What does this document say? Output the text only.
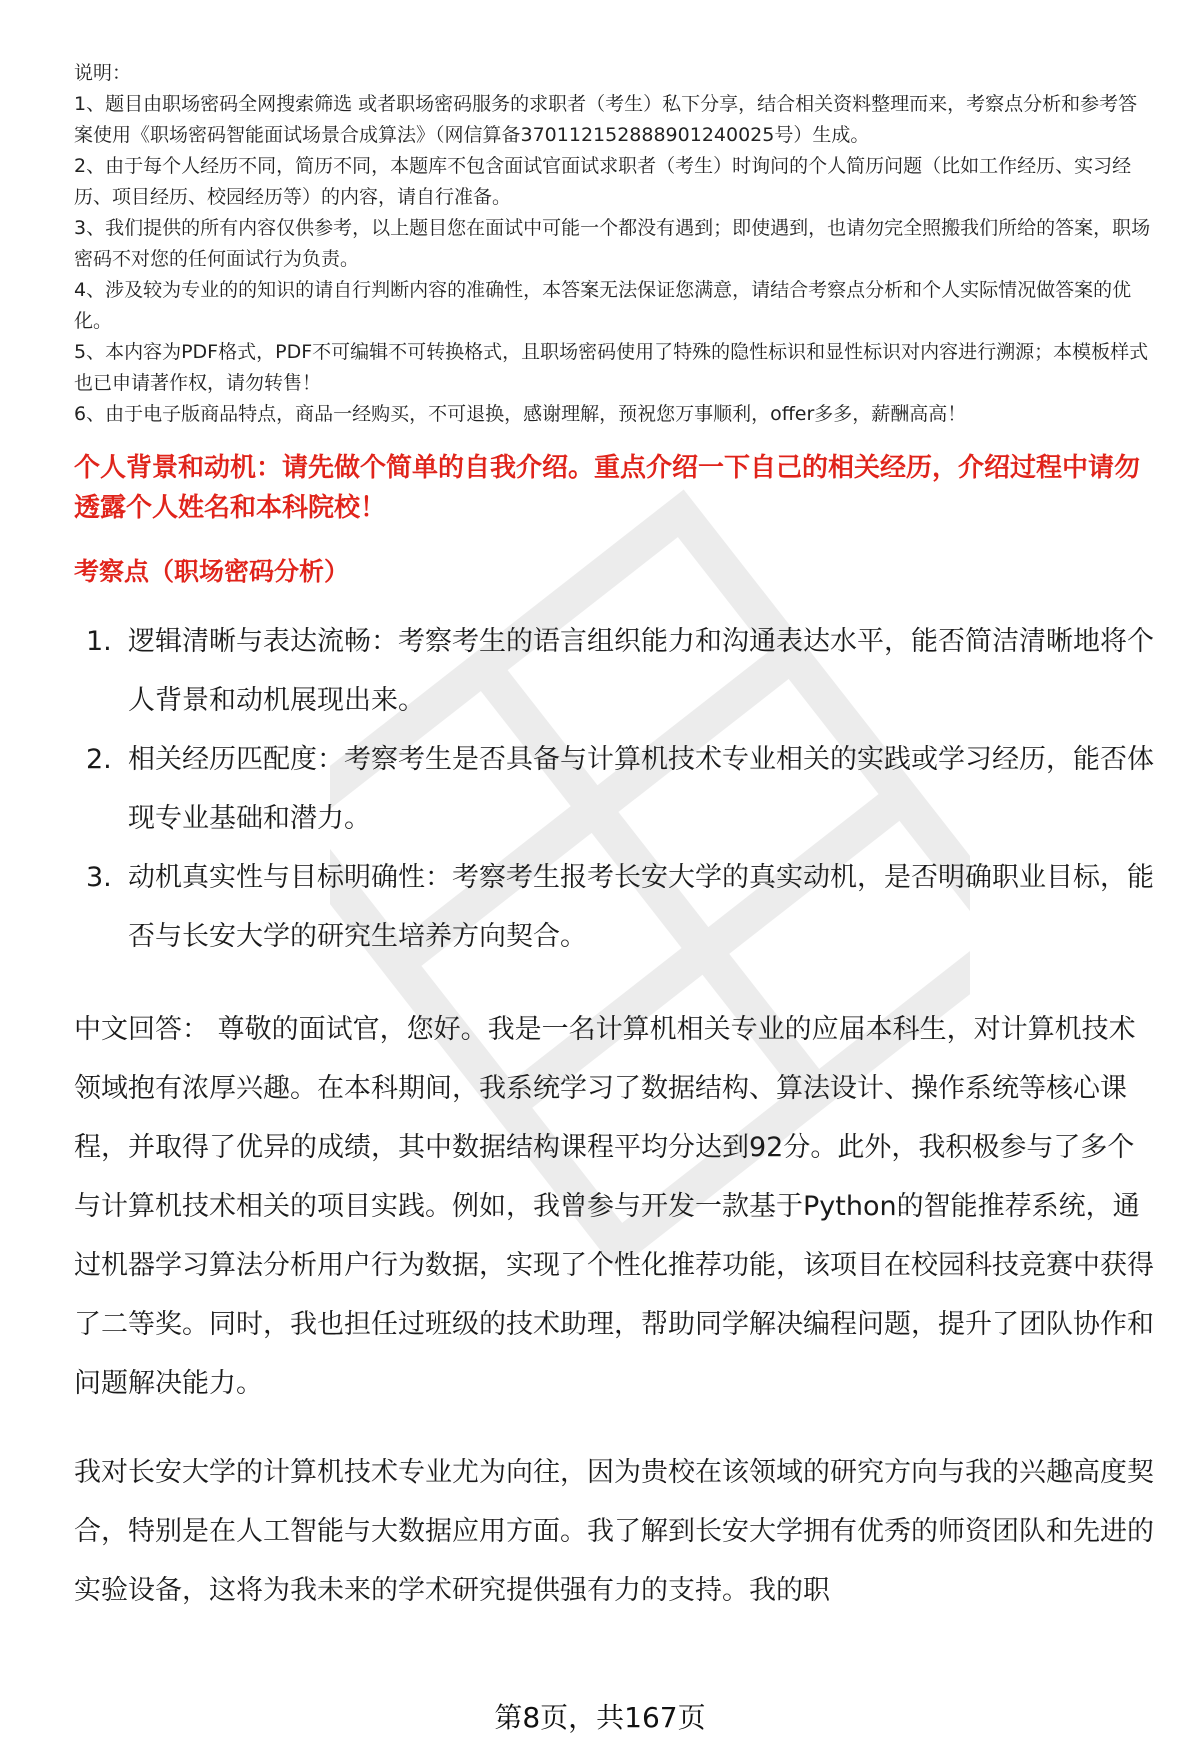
说明：

1、题目由职场密码全网搜索筛选 或者职场密码服务的求职者（考生）私下分享，结合相关资料整理而来，考察点分析和参考答案使用《职场密码智能面试场景合成算法》（网信算备370112152888901240025号）生成。

2、由于每个人经历不同，简历不同，本题库不包含面试官面试求职者（考生）时询问的个人简历问题（比如工作经历、实习经历、项目经历、校园经历等）的内容，请自行准备。

3、我们提供的所有内容仅供参考，以上题目您在面试中可能一个都没有遇到；即使遇到，也请勿完全照搬我们所给的答案，职场密码不对您的任何面试行为负责。

4、涉及较为专业的的知识的请自行判断内容的准确性，本答案无法保证您满意，请结合考察点分析和个人实际情况做答案的优化。

5、本内容为PDF格式，PDF不可编辑不可转换格式，且职场密码使用了特殊的隐性标识和显性标识对内容进行溯源；本模板样式也已申请著作权，请勿转售！

6、由于电子版商品特点，商品一经购买，不可退换，感谢理解，预祝您万事顺利，offer多多，薪酬高高！

个人背景和动机：请先做个简单的自我介绍。重点介绍一下自己的相关经历，介绍过程中请勿透露个人姓名和本科院校！
考察点（职场密码分析）
1. 逻辑清晰与表达流畅：考察考生的语言组织能力和沟通表达水平，能否简洁清晰地将个人背景和动机展现出来。
2. 相关经历匹配度：考察考生是否具备与计算机技术专业相关的实践或学习经历，能否体现专业基础和潜力。
3. 动机真实性与目标明确性：考察考生报考长安大学的真实动机，是否明确职业目标，能否与长安大学的研究生培养方向契合。

中文回答： 尊敬的面试官，您好。我是一名计算机相关专业的应届本科生，对计算机技术领域抱有浓厚兴趣。在本科期间，我系统学习了数据结构、算法设计、操作系统等核心课程，并取得了优异的成绩，其中数据结构课程平均分达到92分。此外，我积极参与了多个与计算机技术相关的项目实践。例如，我曾参与开发一款基于Python的智能推荐系统，通过机器学习算法分析用户行为数据，实现了个性化推荐功能，该项目在校园科技竞赛中获得了二等奖。同时，我也担任过班级的技术助理，帮助同学解决编程问题，提升了团队协作和问题解决能力。

我对长安大学的计算机技术专业尤为向往，因为贵校在该领域的研究方向与我的兴趣高度契合，特别是在人工智能与大数据应用方面。我了解到长安大学拥有优秀的师资团队和先进的实验设备，这将为我未来的学术研究提供强有力的支持。我的职

第8页，共167页
